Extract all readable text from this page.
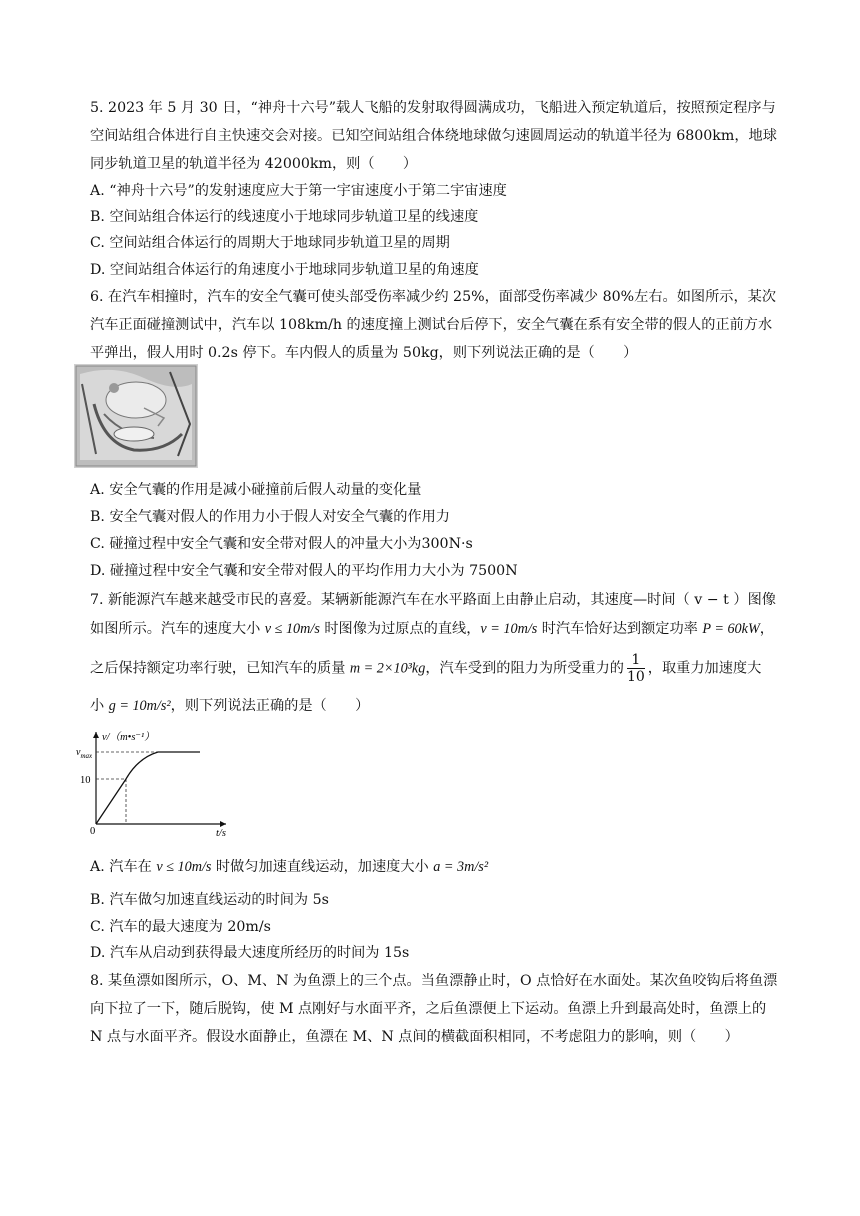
5. 2023 年 5 月 30 日，“神舟十六号”载人飞船的发射取得圆满成功，飞船进入预定轨道后，按照预定程序与
空间站组合体进行自主快速交会对接。已知空间站组合体绕地球做匀速圆周运动的轨道半径为 6800km，地球
同步轨道卫星的轨道半径为 42000km，则（　　）
A. “神舟十六号”的发射速度应大于第一宇宙速度小于第二宇宙速度
B. 空间站组合体运行的线速度小于地球同步轨道卫星的线速度
C. 空间站组合体运行的周期大于地球同步轨道卫星的周期
D. 空间站组合体运行的角速度小于地球同步轨道卫星的角速度
6. 在汽车相撞时，汽车的安全气囊可使头部受伤率减少约 25%，面部受伤率减少 80%左右。如图所示，某次
汽车正面碰撞测试中，汽车以 108km/h 的速度撞上测试台后停下，安全气囊在系有安全带的假人的正前方水
平弹出，假人用时 0.2s 停下。车内假人的质量为 50kg，则下列说法正确的是（　　）
A. 安全气囊的作用是减小碰撞前后假人动量的变化量
B. 安全气囊对假人的作用力小于假人对安全气囊的作用力
C. 碰撞过程中安全气囊和安全带对假人的冲量大小为300N·s
D. 碰撞过程中安全气囊和安全带对假人的平均作用力大小为 7500N
7. 新能源汽车越来越受市民的喜爱。某辆新能源汽车在水平路面上由静止启动，其速度—时间（ v − t ）图像
如图所示。汽车的速度大小 v ≤ 10m/s 时图像为过原点的直线，v = 10m/s 时汽车恰好达到额定功率 P = 60kW，
之后保持额定功率行驶，已知汽车的质量 m = 2×10³kg，汽车受到的阻力为所受重力的 $\frac{1}{10}$ ，取重力加速度大
小 g = 10m/s²，则下列说法正确的是（　　）
v/（m•s⁻¹）
$v_{max}$
10
0	t/s
A. 汽车在 v ≤ 10m/s 时做匀加速直线运动，加速度大小 a = 3m/s²
B. 汽车做匀加速直线运动的时间为 5s
C. 汽车的最大速度为 20m/s
D. 汽车从启动到获得最大速度所经历的时间为 15s
8. 某鱼漂如图所示，O、M、N 为鱼漂上的三个点。当鱼漂静止时，O 点恰好在水面处。某次鱼咬钩后将鱼漂
向下拉了一下，随后脱钩，使 M 点刚好与水面平齐，之后鱼漂便上下运动。鱼漂上升到最高处时，鱼漂上的
N 点与水面平齐。假设水面静止，鱼漂在 M、N 点间的横截面积相同，不考虑阻力的影响，则（　　）
